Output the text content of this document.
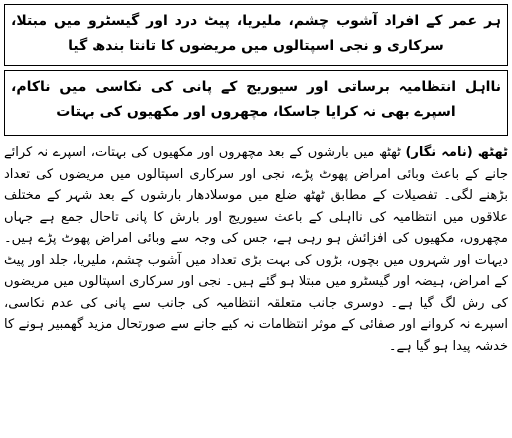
ہر عمر کے افراد آشوب چشم، ملیریا، پیٹ درد اور گیسٹرو میں مبتلا، سرکاری و نجی اسپتالوں میں مریضوں کا تانتا بندھ گیا

نااہل انتظامیہ برساتی اور سیوریج کے پانی کی نکاسی میں ناکام، اسپرے بھی نہ کرایا جاسکا، مچھروں اور مکھیوں کی بہتات

ٹھٹھ (نامہ نگار) ٹھٹھ میں بارشوں کے بعد مچھروں اور مکھیوں کی بہتات، اسپرے نہ کرائے جانے کے باعث وبائی امراض پھوٹ پڑے، نجی اور سرکاری اسپتالوں میں مریضوں کی تعداد بڑھنے لگی۔ تفصیلات کے مطابق ٹھٹھ ضلع میں موسلادھار بارشوں کے بعد شہر کے مختلف علاقوں میں انتظامیہ کی نااہلی کے باعث سیوریج اور بارش کا پانی تاحال جمع ہے جہاں مچھروں، مکھیوں کی افزائش ہو رہی ہے، جس کی وجہ سے وبائی امراض پھوٹ پڑے ہیں۔ دیہات اور شہروں میں بچوں، بڑوں کی بہت بڑی تعداد میں آشوب چشم، ملیریا، جلد اور پیٹ کے امراض، ہیضہ اور گیسٹرو میں مبتلا ہو گئے ہیں۔ نجی اور سرکاری اسپتالوں میں مریضوں کی رش لگ گیا ہے۔ دوسری جانب متعلقہ انتظامیہ کی جانب سے پانی کی عدم نکاسی، اسپرے نہ کروانے اور صفائی کے موثر انتظامات نہ کیے جانے سے صورتحال مزید گھمبیر ہونے کا خدشہ پیدا ہو گیا ہے۔
